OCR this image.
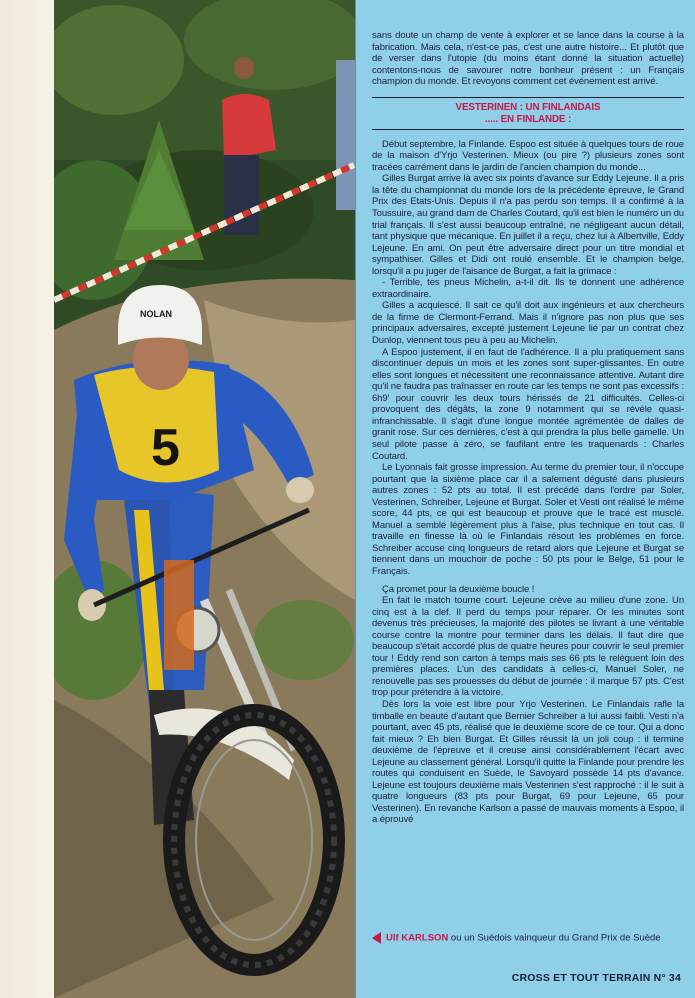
5
NOLAN

sans doute un champ de vente à explorer et se lance dans la course à la fabrication. Mais cela, n'est-ce pas, c'est une autre histoire... Et plutôt que de verser dans l'utopie (du moins étant donné la situation actuelle) contentons-nous de savourer notre bonheur présent : un Français champion du monde. Et revoyons comment cet événement est arrivé.

VESTERINEN : UN FINLANDAIS
..... EN FINLANDE :

Début septembre, la Finlande. Espoo est située à quelques tours de roue de la maison d'Yrjo Vesterinen. Mieux (ou pire ?) plusieurs zones sont tracées carrément dans le jardin de l'ancien champion du monde...

Gilles Burgat arrive là avec six points d'avance sur Eddy Lejeune. Il a pris la tête du championnat du monde lors de la précédente épreuve, le Grand Prix des Etats-Unis. Depuis il n'a pas perdu son temps. Il a confirmé à la Toussuire, au grand dam de Charles Coutard, qu'il est bien le numéro un du trial français. Il s'est aussi beaucoup entraîné, ne négligeant aucun détail, tant physique que mécanique. En juillet il a reçu, chez lui à Albertville, Eddy Lejeune. En ami. On peut être adversaire direct pour un titre mondial et sympathiser. Gilles et Didi ont roulé ensemble. Et le champion belge, lorsqu'il a pu juger de l'aisance de Burgat, a fait la grimace :

- Terrible, tes pneus Michelin, a-t-il dit. Ils te donnent une adhérence extraordinaire.

Gilles a acquiescé. Il sait ce qu'il doit aux ingénieurs et aux chercheurs de la firme de Clermont-Ferrand. Mais il n'ignore pas non plus que ses principaux adversaires, excepté justement Lejeune lié par un contrat chez Dunlop, viennent tous peu à peu au Michelin.

A Espoo justement, il en faut de l'adhérence. Il a plu pratiquement sans discontinuer depuis un mois et les zones sont super-glissantes. En outre elles sont longues et nécessitent une reconnaissance attentive. Autant dire qu'il ne faudra pas traînasser en route car les temps ne sont pas excessifs : 6h9' pour couvrir les deux tours hérissés de 21 difficultés. Celles-ci provoquent des dégâts, la zone 9 notamment qui se révèle quasi-infranchissable. Il s'agit d'une longue montée agrémentée de dalles de granit rose. Sur ces dernières, c'est à qui prendra la plus belle gamelle. Un seul pilote passe à zéro, se faufilant entre les traquenards : Charles Coutard.

Le Lyonnais fait grosse impression. Au terme du premier tour, il n'occupe pourtant que la sixième place car il a salement dégusté dans plusieurs autres zones : 52 pts au total. Il est précédé dans l'ordre par Soler, Vesterinen, Schreiber, Lejeune et Burgat. Soler et Vesti ont réalisé le même score, 44 pts, ce qui est beaucoup et prouve que le tracé est musclé. Manuel a semblé légèrement plus à l'aise, plus technique en tout cas. Il travaille en finesse là où le Finlandais résout les problèmes en force. Schreiber accuse cinq longueurs de retard alors que Lejeune et Burgat se tiennent dans un mouchoir de poche : 50 pts pour le Belge, 51 pour le Français.

Ça promet pour la deuxième boucle !

En fait le match tourne court. Lejeune crève au milieu d'une zone. Un cinq est à la clef. Il perd du temps pour réparer. Or les minutes sont devenus très précieuses, la majorité des pilotes se livrant à une véritable course contre la montre pour terminer dans les délais. Il faut dire que beaucoup s'était accordé plus de quatre heures pour couvrir le seul premier tour ! Eddy rend son carton à temps mais ses 66 pts le relèguent loin des premières places. L'un des candidats à celles-ci, Manuel Soler, ne renouvelle pas ses prouesses du début de journée : il marque 57 pts. C'est trop pour prétendre à la victoire.

Dès lors la voie est libre pour Yrjo Vesterinen. Le Finlandais rafle la timballe en beauté d'autant que Bernier Schreiber a lui aussi faibli. Vesti n'a pourtant, avec 45 pts, réalisé que le deuxième score de ce tour. Qui a donc fait mieux ? Eh bien Burgat. Et Gilles réussit là un joli coup : il termine deuxième de l'épreuve et il creuse ainsi considérablement l'écart avec Lejeune au classement général. Lorsqu'il quitte la Finlande pour prendre les routes qui conduisent en Suède, le Savoyard possède 14 pts d'avance. Lejeune est toujours deuxième mais Vesterinen s'est rapproché : il le suit à quatre longueurs (83 pts pour Burgat, 69 pour Lejeune, 65 pour Vesterinen). En revanche Karlson a passé de mauvais moments à Espoo, il a éprouvé

Ulf KARLSON ou un Suédois vainqueur du Grand Prix de Suède
CROSS ET TOUT TERRAIN N° 34
